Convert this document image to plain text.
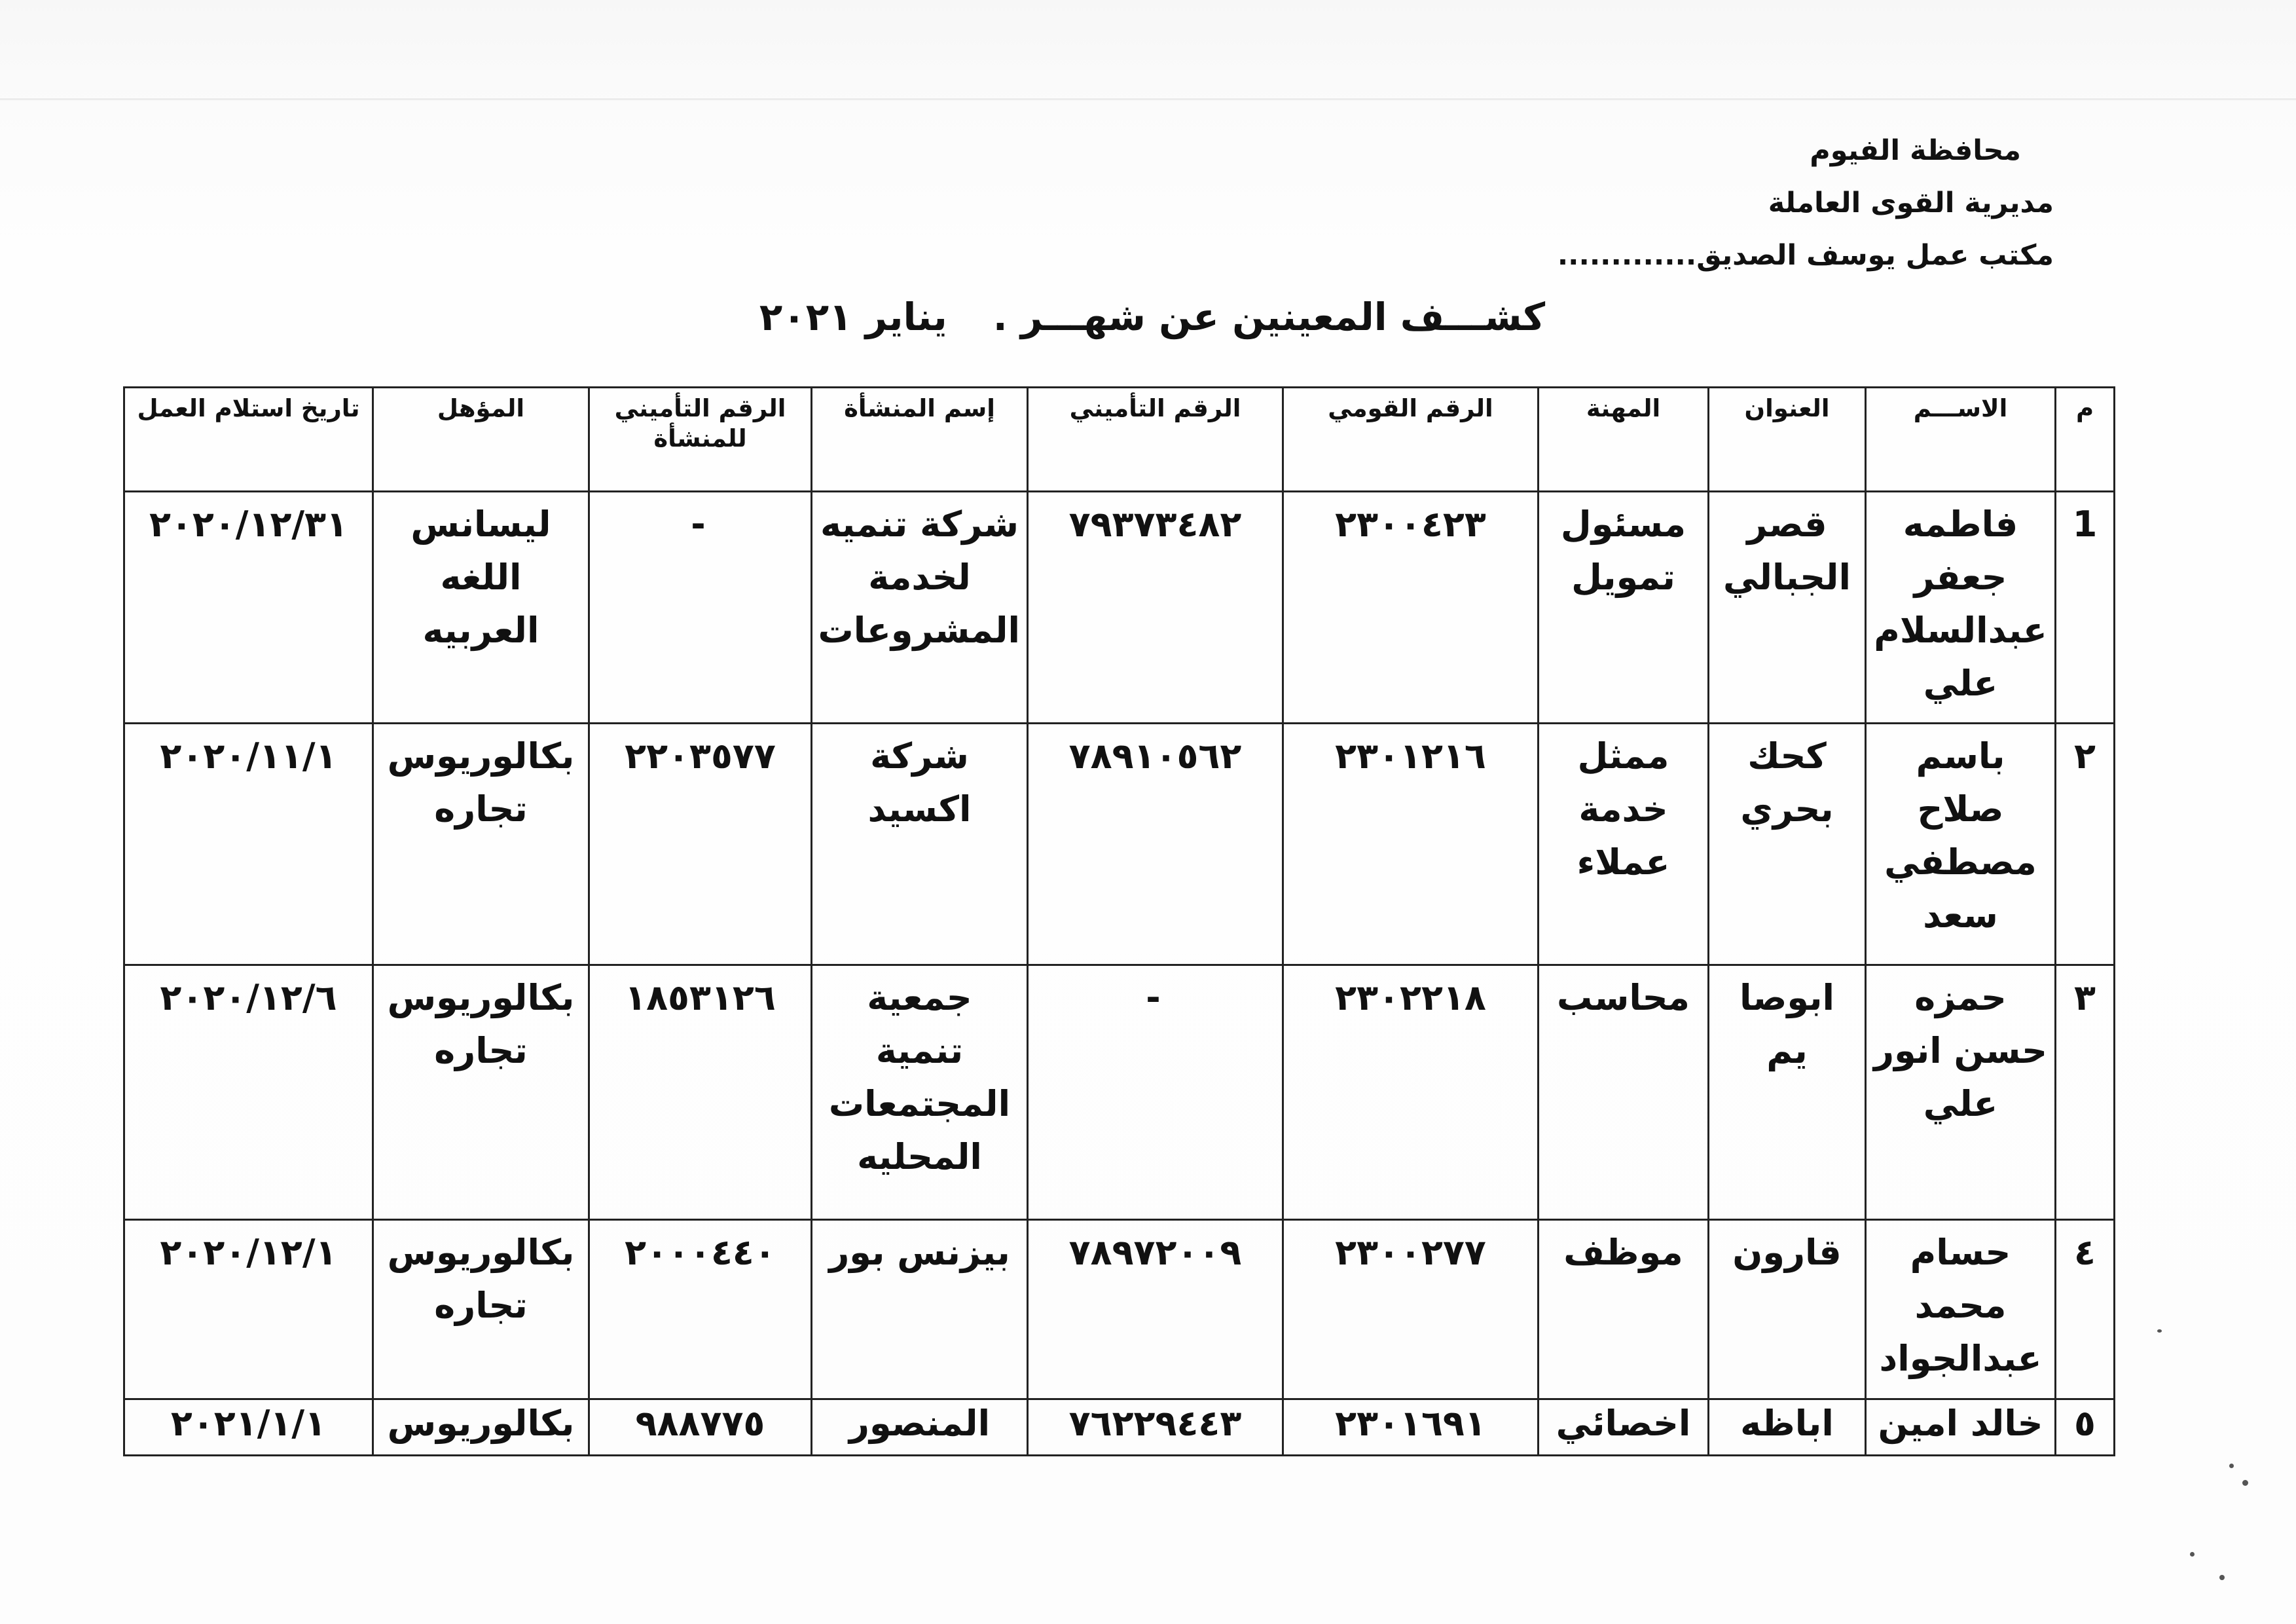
محافظة الفيوم
مديرية القوى العاملة
مكتب عمل يوسف الصديق.............
كشـــف المعينين عن شهـــر .يناير ٢٠٢١
م	الاســـم	العنوان	المهنة	الرقم القومي	الرقم التأميني	إسم المنشأة	الرقم التأميني للمنشأة	المؤهل	تاريخ استلام العمل
1	فاطمه جعفر عبدالسلام علي	قصر الجبالي	مسئول تمويل	٢٣٠٠٤٢٣	٧٩٣٧٣٤٨٢	شركة تنميه لخدمة المشروعات	-	ليسانس اللغه العربيه	٢٠٢٠/١٢/٣١
٢	باسم صلاح مصطفي سعد	كحك بحري	ممثل خدمة عملاء	٢٣٠١٢١٦	٧٨٩١٠٥٦٢	شركة اكسيد	٢٢٠٣٥٧٧	بكالوريوس تجاره	٢٠٢٠/١١/١
٣	حمزه حسن انور علي	ابوصا يم	محاسب	٢٣٠٢٢١٨	-	جمعية تنمية المجتمعات المحليه	١٨٥٣١٢٦	بكالوريوس تجاره	٢٠٢٠/١٢/٦
٤	حسام محمد عبدالجواد	قارون	موظف	٢٣٠٠٢٧٧	٧٨٩٧٢٠٠٩	بيزنس بور	٢٠٠٠٤٤٠	بكالوريوس تجاره	٢٠٢٠/١٢/١
٥	خالد امين	اباظه	اخصائي	٢٣٠١٦٩١	٧٦٢٢٩٤٤٣	المنصور	٩٨٨٧٧٥	بكالوريوس	٢٠٢١/١/١
